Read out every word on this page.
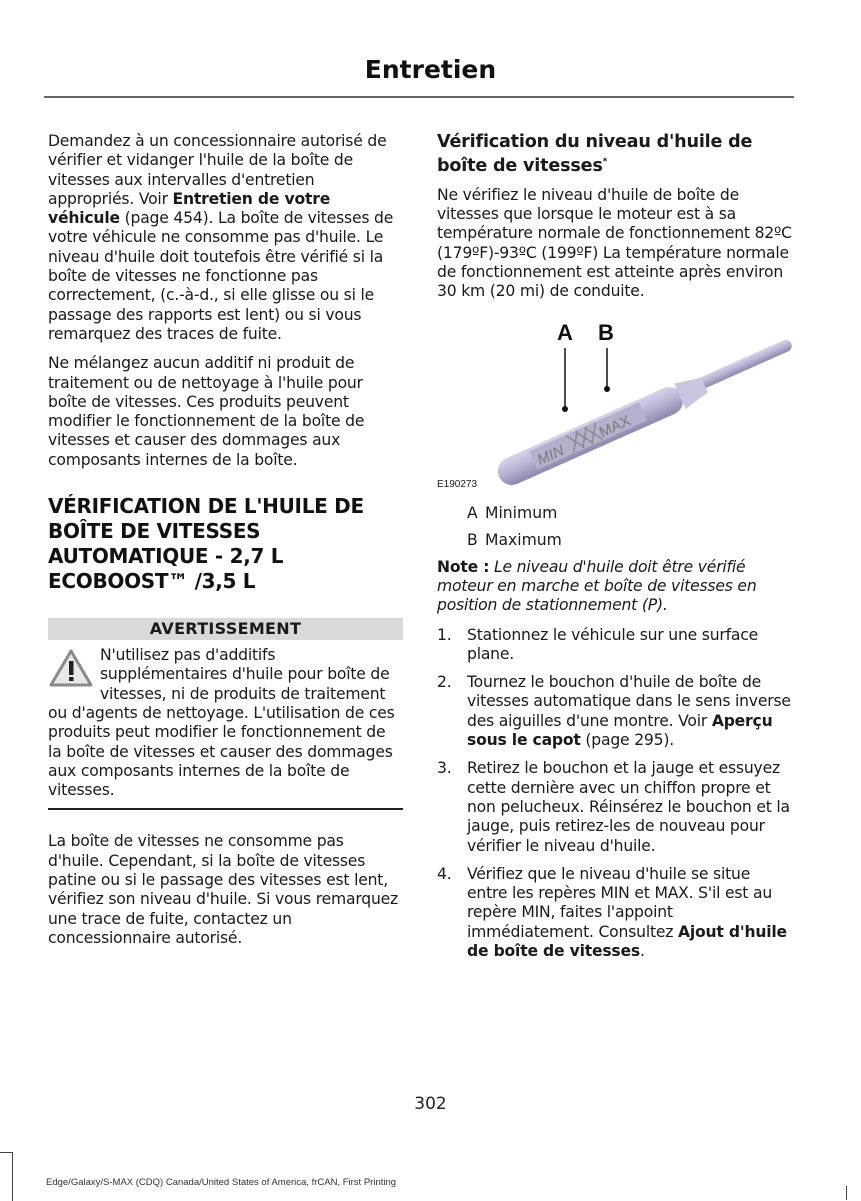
Entretien

Demandez à un concessionnaire autorisé de vérifier et vidanger l'huile de la boîte de vitesses aux intervalles d'entretien appropriés. Voir Entretien de votre véhicule (page 454). La boîte de vitesses de votre véhicule ne consomme pas d'huile. Le niveau d'huile doit toutefois être vérifié si la boîte de vitesses ne fonctionne pas correctement, (c.-à-d., si elle glisse ou si le passage des rapports est lent) ou si vous remarquez des traces de fuite.

Ne mélangez aucun additif ni produit de traitement ou de nettoyage à l'huile pour boîte de vitesses. Ces produits peuvent modifier le fonctionnement de la boîte de vitesses et causer des dommages aux composants internes de la boîte.

VÉRIFICATION DE L'HUILE DE BOÎTE DE VITESSES AUTOMATIQUE - 2,7 L ECOBOOST™ /3,5 L
AVERTISSEMENT

N'utilisez pas d'additifs supplémentaires d'huile pour boîte de vitesses, ni de produits de traitement ou d'agents de nettoyage. L'utilisation de ces produits peut modifier le fonctionnement de la boîte de vitesses et causer des dommages aux composants internes de la boîte de vitesses.

La boîte de vitesses ne consomme pas d'huile. Cependant, si la boîte de vitesses patine ou si le passage des vitesses est lent, vérifiez son niveau d'huile. Si vous remarquez une trace de fuite, contactez un concessionnaire autorisé.

Vérification du niveau d'huile de boîte de vitesses*

Ne vérifiez le niveau d'huile de boîte de vitesses que lorsque le moteur est à sa température normale de fonctionnement 82ºC (179ºF)-93ºC (199ºF) La température normale de fonctionnement est atteinte après environ 30 km (20 mi) de conduite.

MIN
MAX
A B
E190273
A Minimum
B Maximum

Note : Le niveau d'huile doit être vérifié moteur en marche et boîte de vitesses en position de stationnement (P).

1. Stationnez le véhicule sur une surface plane.
2. Tournez le bouchon d'huile de boîte de vitesses automatique dans le sens inverse des aiguilles d'une montre. Voir Aperçu sous le capot (page 295).
3. Retirez le bouchon et la jauge et essuyez cette dernière avec un chiffon propre et non pelucheux. Réinsérez le bouchon et la jauge, puis retirez-les de nouveau pour vérifier le niveau d'huile.
4. Vérifiez que le niveau d'huile se situe entre les repères MIN et MAX. S'il est au repère MIN, faites l'appoint immédiatement. Consultez Ajout d'huile de boîte de vitesses.
302
Edge/Galaxy/S-MAX (CDQ) Canada/United States of America, frCAN, First Printing
